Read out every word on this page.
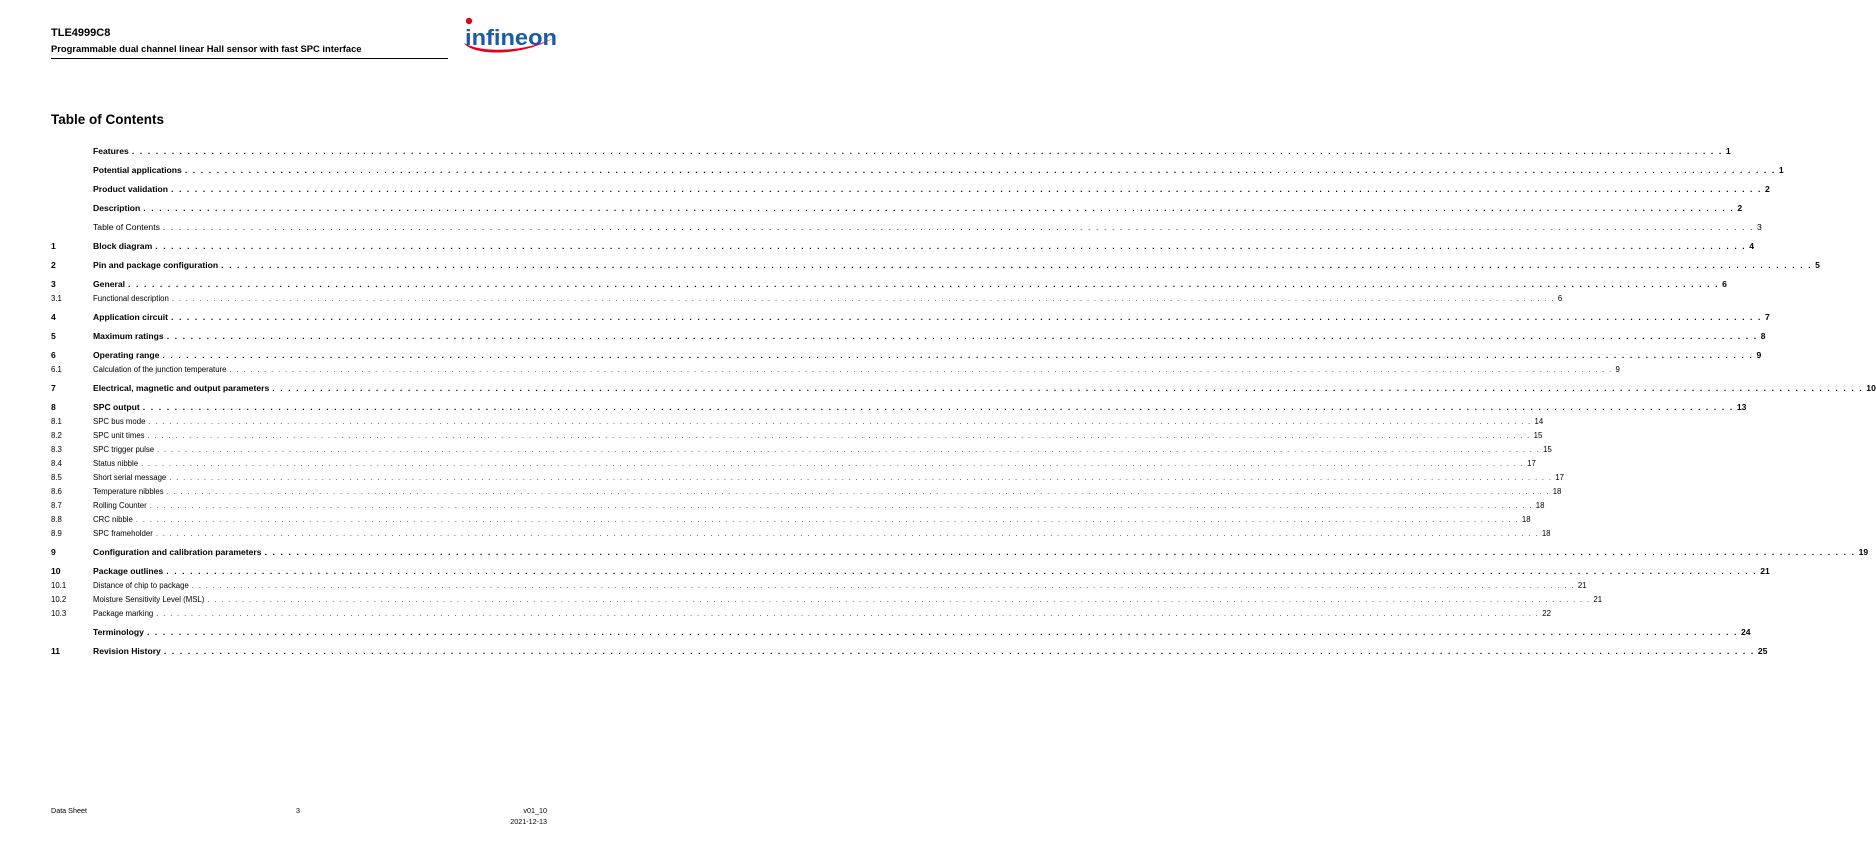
TLE4999C8
Programmable dual channel linear Hall sensor with fast SPC interface	infineon
Table of Contents
Features . . . . . . . . . . . . . . . . . . . . . . . . . . . . . . . . . . . . . . . . . . . . . . . . . . . . . . . . . . . . . . . . . . . . . . . . . . . . . . . . . . . . . . . . . . . . . . . . . . . . . . . . . . . . . . . . . . . . . . . . . . . . . . . . . . . . . . . . . . . . . . . . . . . . . . . . . . . . . . . . . . . . . . . . . . . . . . . . . . . . . . . . . . . . . . . . . . . . . . . . 1
Potential applications . . . . . . . . . . . . . . . . . . . . . . . . . . . . . . . . . . . . . . . . . . . . . . . . . . . . . . . . . . . . . . . . . . . . . . . . . . . . . . . . . . . . . . . . . . . . . . . . . . . . . . . . . . . . . . . . . . . . . . . . . . . . . . . . . . . . . . . . . . . . . . . . . . . . . . . . . . . . . . . . . . . . . . . . . . . . . . . . . . . . . . . . . . . . . . . . . . . . . . . . 1
Product validation . . . . . . . . . . . . . . . . . . . . . . . . . . . . . . . . . . . . . . . . . . . . . . . . . . . . . . . . . . . . . . . . . . . . . . . . . . . . . . . . . . . . . . . . . . . . . . . . . . . . . . . . . . . . . . . . . . . . . . . . . . . . . . . . . . . . . . . . . . . . . . . . . . . . . . . . . . . . . . . . . . . . . . . . . . . . . . . . . . . . . . . . . . . . . . . . . . . . . . . . 2
Description . . . . . . . . . . . . . . . . . . . . . . . . . . . . . . . . . . . . . . . . . . . . . . . . . . . . . . . . . . . . . . . . . . . . . . . . . . . . . . . . . . . . . . . . . . . . . . . . . . . . . . . . . . . . . . . . . . . . . . . . . . . . . . . . . . . . . . . . . . . . . . . . . . . . . . . . . . . . . . . . . . . . . . . . . . . . . . . . . . . . . . . . . . . . . . . . . . . . . . . . 2
Table of Contents . . . . . . . . . . . . . . . . . . . . . . . . . . . . . . . . . . . . . . . . . . . . . . . . . . . . . . . . . . . . . . . . . . . . . . . . . . . . . . . . . . . . . . . . . . . . . . . . . . . . . . . . . . . . . . . . . . . . . . . . . . . . . . . . . . . . . . . . . . . . . . . . . . . . . . . . . . . . . . . . . . . . . . . . . . . . . . . . . . . . . . . . . . . . . . . . . . . . . . . . 3
1	Block diagram . . . . . . . . . . . . . . . . . . . . . . . . . . . . . . . . . . . . . . . . . . . . . . . . . . . . . . . . . . . . . . . . . . . . . . . . . . . . . . . . . . . . . . . . . . . . . . . . . . . . . . . . . . . . . . . . . . . . . . . . . . . . . . . . . . . . . . . . . . . . . . . . . . . . . . . . . . . . . . . . . . . . . . . . . . . . . . . . . . . . . . . . . . . . . . . . . . . . . . . . 4
2	Pin and package configuration . . . . . . . . . . . . . . . . . . . . . . . . . . . . . . . . . . . . . . . . . . . . . . . . . . . . . . . . . . . . . . . . . . . . . . . . . . . . . . . . . . . . . . . . . . . . . . . . . . . . . . . . . . . . . . . . . . . . . . . . . . . . . . . . . . . . . . . . . . . . . . . . . . . . . . . . . . . . . . . . . . . . . . . . . . . . . . . . . . . . . . . . . . . . . . . . . . . . . . . . 5
3	General . . . . . . . . . . . . . . . . . . . . . . . . . . . . . . . . . . . . . . . . . . . . . . . . . . . . . . . . . . . . . . . . . . . . . . . . . . . . . . . . . . . . . . . . . . . . . . . . . . . . . . . . . . . . . . . . . . . . . . . . . . . . . . . . . . . . . . . . . . . . . . . . . . . . . . . . . . . . . . . . . . . . . . . . . . . . . . . . . . . . . . . . . . . . . . . . . . . . . . . . 6
3.1	Functional description . . . . . . . . . . . . . . . . . . . . . . . . . . . . . . . . . . . . . . . . . . . . . . . . . . . . . . . . . . . . . . . . . . . . . . . . . . . . . . . . . . . . . . . . . . . . . . . . . . . . . . . . . . . . . . . . . . . . . . . . . . . . . . . . . . . . . . . . . . . . . . . . . . . . . . . . . . . . . . . . . . . . . . . . . . . . . . . . . . . . . . . . . . . . . . . . . . . . . . . . 6
4	Application circuit . . . . . . . . . . . . . . . . . . . . . . . . . . . . . . . . . . . . . . . . . . . . . . . . . . . . . . . . . . . . . . . . . . . . . . . . . . . . . . . . . . . . . . . . . . . . . . . . . . . . . . . . . . . . . . . . . . . . . . . . . . . . . . . . . . . . . . . . . . . . . . . . . . . . . . . . . . . . . . . . . . . . . . . . . . . . . . . . . . . . . . . . . . . . . . . . . . . . . . . . 7
5	Maximum ratings . . . . . . . . . . . . . . . . . . . . . . . . . . . . . . . . . . . . . . . . . . . . . . . . . . . . . . . . . . . . . . . . . . . . . . . . . . . . . . . . . . . . . . . . . . . . . . . . . . . . . . . . . . . . . . . . . . . . . . . . . . . . . . . . . . . . . . . . . . . . . . . . . . . . . . . . . . . . . . . . . . . . . . . . . . . . . . . . . . . . . . . . . . . . . . . . . . . . . . . . 8
6	Operating range . . . . . . . . . . . . . . . . . . . . . . . . . . . . . . . . . . . . . . . . . . . . . . . . . . . . . . . . . . . . . . . . . . . . . . . . . . . . . . . . . . . . . . . . . . . . . . . . . . . . . . . . . . . . . . . . . . . . . . . . . . . . . . . . . . . . . . . . . . . . . . . . . . . . . . . . . . . . . . . . . . . . . . . . . . . . . . . . . . . . . . . . . . . . . . . . . . . . . . . . 9
6.1	Calculation of the junction temperature . . . . . . . . . . . . . . . . . . . . . . . . . . . . . . . . . . . . . . . . . . . . . . . . . . . . . . . . . . . . . . . . . . . . . . . . . . . . . . . . . . . . . . . . . . . . . . . . . . . . . . . . . . . . . . . . . . . . . . . . . . . . . . . . . . . . . . . . . . . . . . . . . . . . . . . . . . . . . . . . . . . . . . . . . . . . . . . . . . . . . . . . . . . . . . . . . . . . . . . . 9
7	Electrical, magnetic and output parameters . . . . . . . . . . . . . . . . . . . . . . . . . . . . . . . . . . . . . . . . . . . . . . . . . . . . . . . . . . . . . . . . . . . . . . . . . . . . . . . . . . . . . . . . . . . . . . . . . . . . . . . . . . . . . . . . . . . . . . . . . . . . . . . . . . . . . . . . . . . . . . . . . . . . . . . . . . . . . . . . . . . . . . . . . . . . . . . . . . . . . . . . . . . . . . . . . . . . . . . . 10
8	SPC output . . . . . . . . . . . . . . . . . . . . . . . . . . . . . . . . . . . . . . . . . . . . . . . . . . . . . . . . . . . . . . . . . . . . . . . . . . . . . . . . . . . . . . . . . . . . . . . . . . . . . . . . . . . . . . . . . . . . . . . . . . . . . . . . . . . . . . . . . . . . . . . . . . . . . . . . . . . . . . . . . . . . . . . . . . . . . . . . . . . . . . . . . . . . . . . . . . . . . . . . 13
8.1	SPC bus mode . . . . . . . . . . . . . . . . . . . . . . . . . . . . . . . . . . . . . . . . . . . . . . . . . . . . . . . . . . . . . . . . . . . . . . . . . . . . . . . . . . . . . . . . . . . . . . . . . . . . . . . . . . . . . . . . . . . . . . . . . . . . . . . . . . . . . . . . . . . . . . . . . . . . . . . . . . . . . . . . . . . . . . . . . . . . . . . . . . . . . . . . . . . . . . . . . . . . . . . . 14
8.2	SPC unit times . . . . . . . . . . . . . . . . . . . . . . . . . . . . . . . . . . . . . . . . . . . . . . . . . . . . . . . . . . . . . . . . . . . . . . . . . . . . . . . . . . . . . . . . . . . . . . . . . . . . . . . . . . . . . . . . . . . . . . . . . . . . . . . . . . . . . . . . . . . . . . . . . . . . . . . . . . . . . . . . . . . . . . . . . . . . . . . . . . . . . . . . . . . . . . . . . . . . . . . . 15
8.3	SPC trigger pulse . . . . . . . . . . . . . . . . . . . . . . . . . . . . . . . . . . . . . . . . . . . . . . . . . . . . . . . . . . . . . . . . . . . . . . . . . . . . . . . . . . . . . . . . . . . . . . . . . . . . . . . . . . . . . . . . . . . . . . . . . . . . . . . . . . . . . . . . . . . . . . . . . . . . . . . . . . . . . . . . . . . . . . . . . . . . . . . . . . . . . . . . . . . . . . . . . . . . . . . . 15
8.4	Status nibble . . . . . . . . . . . . . . . . . . . . . . . . . . . . . . . . . . . . . . . . . . . . . . . . . . . . . . . . . . . . . . . . . . . . . . . . . . . . . . . . . . . . . . . . . . . . . . . . . . . . . . . . . . . . . . . . . . . . . . . . . . . . . . . . . . . . . . . . . . . . . . . . . . . . . . . . . . . . . . . . . . . . . . . . . . . . . . . . . . . . . . . . . . . . . . . . . . . . . . . . 17
8.5	Short serial message . . . . . . . . . . . . . . . . . . . . . . . . . . . . . . . . . . . . . . . . . . . . . . . . . . . . . . . . . . . . . . . . . . . . . . . . . . . . . . . . . . . . . . . . . . . . . . . . . . . . . . . . . . . . . . . . . . . . . . . . . . . . . . . . . . . . . . . . . . . . . . . . . . . . . . . . . . . . . . . . . . . . . . . . . . . . . . . . . . . . . . . . . . . . . . . . . . . . . . . . 17
8.6	Temperature nibbles . . . . . . . . . . . . . . . . . . . . . . . . . . . . . . . . . . . . . . . . . . . . . . . . . . . . . . . . . . . . . . . . . . . . . . . . . . . . . . . . . . . . . . . . . . . . . . . . . . . . . . . . . . . . . . . . . . . . . . . . . . . . . . . . . . . . . . . . . . . . . . . . . . . . . . . . . . . . . . . . . . . . . . . . . . . . . . . . . . . . . . . . . . . . . . . . . . . . . . . . 18
8.7	Rolling Counter . . . . . . . . . . . . . . . . . . . . . . . . . . . . . . . . . . . . . . . . . . . . . . . . . . . . . . . . . . . . . . . . . . . . . . . . . . . . . . . . . . . . . . . . . . . . . . . . . . . . . . . . . . . . . . . . . . . . . . . . . . . . . . . . . . . . . . . . . . . . . . . . . . . . . . . . . . . . . . . . . . . . . . . . . . . . . . . . . . . . . . . . . . . . . . . . . . . . . . . . 18
8.8	CRC nibble . . . . . . . . . . . . . . . . . . . . . . . . . . . . . . . . . . . . . . . . . . . . . . . . . . . . . . . . . . . . . . . . . . . . . . . . . . . . . . . . . . . . . . . . . . . . . . . . . . . . . . . . . . . . . . . . . . . . . . . . . . . . . . . . . . . . . . . . . . . . . . . . . . . . . . . . . . . . . . . . . . . . . . . . . . . . . . . . . . . . . . . . . . . . . . . . . . . . . . . . 18
8.9	SPC frameholder . . . . . . . . . . . . . . . . . . . . . . . . . . . . . . . . . . . . . . . . . . . . . . . . . . . . . . . . . . . . . . . . . . . . . . . . . . . . . . . . . . . . . . . . . . . . . . . . . . . . . . . . . . . . . . . . . . . . . . . . . . . . . . . . . . . . . . . . . . . . . . . . . . . . . . . . . . . . . . . . . . . . . . . . . . . . . . . . . . . . . . . . . . . . . . . . . . . . . . . . 18
9	Configuration and calibration parameters . . . . . . . . . . . . . . . . . . . . . . . . . . . . . . . . . . . . . . . . . . . . . . . . . . . . . . . . . . . . . . . . . . . . . . . . . . . . . . . . . . . . . . . . . . . . . . . . . . . . . . . . . . . . . . . . . . . . . . . . . . . . . . . . . . . . . . . . . . . . . . . . . . . . . . . . . . . . . . . . . . . . . . . . . . . . . . . . . . . . . . . . . . . . . . . . . . . . . . . . 19
10	Package outlines . . . . . . . . . . . . . . . . . . . . . . . . . . . . . . . . . . . . . . . . . . . . . . . . . . . . . . . . . . . . . . . . . . . . . . . . . . . . . . . . . . . . . . . . . . . . . . . . . . . . . . . . . . . . . . . . . . . . . . . . . . . . . . . . . . . . . . . . . . . . . . . . . . . . . . . . . . . . . . . . . . . . . . . . . . . . . . . . . . . . . . . . . . . . . . . . . . . . . . . . 21
10.1	Distance of chip to package . . . . . . . . . . . . . . . . . . . . . . . . . . . . . . . . . . . . . . . . . . . . . . . . . . . . . . . . . . . . . . . . . . . . . . . . . . . . . . . . . . . . . . . . . . . . . . . . . . . . . . . . . . . . . . . . . . . . . . . . . . . . . . . . . . . . . . . . . . . . . . . . . . . . . . . . . . . . . . . . . . . . . . . . . . . . . . . . . . . . . . . . . . . . . . . . . . . . . . . . 21
10.2	Moisture Sensitivity Level (MSL) . . . . . . . . . . . . . . . . . . . . . . . . . . . . . . . . . . . . . . . . . . . . . . . . . . . . . . . . . . . . . . . . . . . . . . . . . . . . . . . . . . . . . . . . . . . . . . . . . . . . . . . . . . . . . . . . . . . . . . . . . . . . . . . . . . . . . . . . . . . . . . . . . . . . . . . . . . . . . . . . . . . . . . . . . . . . . . . . . . . . . . . . . . . . . . . . . . . . . . . . 21
10.3	Package marking . . . . . . . . . . . . . . . . . . . . . . . . . . . . . . . . . . . . . . . . . . . . . . . . . . . . . . . . . . . . . . . . . . . . . . . . . . . . . . . . . . . . . . . . . . . . . . . . . . . . . . . . . . . . . . . . . . . . . . . . . . . . . . . . . . . . . . . . . . . . . . . . . . . . . . . . . . . . . . . . . . . . . . . . . . . . . . . . . . . . . . . . . . . . . . . . . . . . . . . . 22
Terminology . . . . . . . . . . . . . . . . . . . . . . . . . . . . . . . . . . . . . . . . . . . . . . . . . . . . . . . . . . . . . . . . . . . . . . . . . . . . . . . . . . . . . . . . . . . . . . . . . . . . . . . . . . . . . . . . . . . . . . . . . . . . . . . . . . . . . . . . . . . . . . . . . . . . . . . . . . . . . . . . . . . . . . . . . . . . . . . . . . . . . . . . . . . . . . . . . . . . . . . . 24
11	Revision History . . . . . . . . . . . . . . . . . . . . . . . . . . . . . . . . . . . . . . . . . . . . . . . . . . . . . . . . . . . . . . . . . . . . . . . . . . . . . . . . . . . . . . . . . . . . . . . . . . . . . . . . . . . . . . . . . . . . . . . . . . . . . . . . . . . . . . . . . . . . . . . . . . . . . . . . . . . . . . . . . . . . . . . . . . . . . . . . . . . . . . . . . . . . . . . . . . . . . . . . 25
Data Sheet	3	v01_10
2021-12-13
